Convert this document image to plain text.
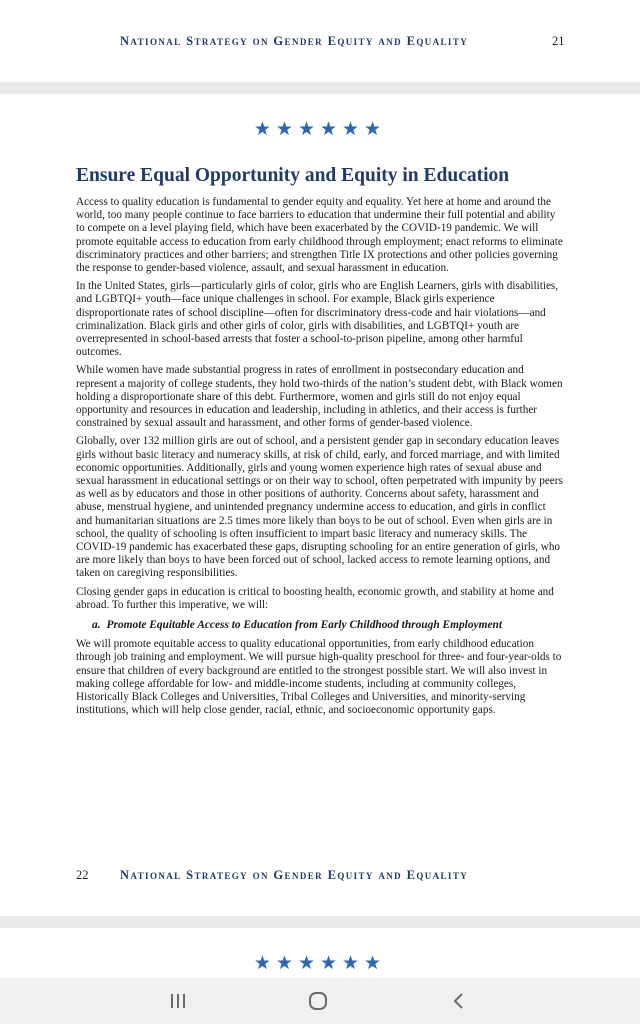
National Strategy on Gender Equity and Equality	21
★★★★★★
Ensure Equal Opportunity and Equity in Education

Access to quality education is fundamental to gender equity and equality. Yet here at home and around the world, too many people continue to face barriers to education that undermine their full potential and ability to compete on a level playing field, which have been exacerbated by the COVID-19 pandemic. We will promote equitable access to education from early childhood through employment; enact reforms to eliminate discriminatory practices and other barriers; and strengthen Title IX protections and other policies governing the response to gender-based violence, assault, and sexual harassment in education.

In the United States, girls—particularly girls of color, girls who are English Learners, girls with disabilities, and LGBTQI+ youth—face unique challenges in school. For example, Black girls experience disproportionate rates of school discipline—often for discriminatory dress-code and hair violations—and criminalization. Black girls and other girls of color, girls with disabilities, and LGBTQI+ youth are overrepresented in school-based arrests that foster a school-to-prison pipeline, among other harmful outcomes.

While women have made substantial progress in rates of enrollment in postsecondary education and represent a majority of college students, they hold two-thirds of the nation’s student debt, with Black women holding a disproportionate share of this debt. Furthermore, women and girls still do not enjoy equal opportunity and resources in education and leadership, including in athletics, and their access is further constrained by sexual assault and harassment, and other forms of gender-based violence.

Globally, over 132 million girls are out of school, and a persistent gender gap in secondary education leaves girls without basic literacy and numeracy skills, at risk of child, early, and forced marriage, and with limited economic opportunities. Additionally, girls and young women experience high rates of sexual abuse and sexual harassment in educational settings or on their way to school, often perpetrated with impunity by peers as well as by educators and those in other positions of authority. Concerns about safety, harassment and abuse, menstrual hygiene, and unintended pregnancy undermine access to education, and girls in conflict and humanitarian situations are 2.5 times more likely than boys to be out of school. Even when girls are in school, the quality of schooling is often insufficient to impart basic literacy and numeracy skills. The COVID-19 pandemic has exacerbated these gaps, disrupting schooling for an entire generation of girls, who are more likely than boys to have been forced out of school, lacked access to remote learning options, and taken on caregiving responsibilities.

Closing gender gaps in education is critical to boosting health, economic growth, and stability at home and abroad. To further this imperative, we will:

a. Promote Equitable Access to Education from Early Childhood through Employment

We will promote equitable access to quality educational opportunities, from early childhood education through job training and employment. We will pursue high-quality preschool for three- and four-year-olds to ensure that children of every background are entitled to the strongest possible start. We will also invest in making college affordable for low- and middle-income students, including at community colleges, Historically Black Colleges and Universities, Tribal Colleges and Universities, and minority-serving institutions, which will help close gender, racial, ethnic, and socioeconomic opportunity gaps.

22	National Strategy on Gender Equity and Equality
★★★★★★
